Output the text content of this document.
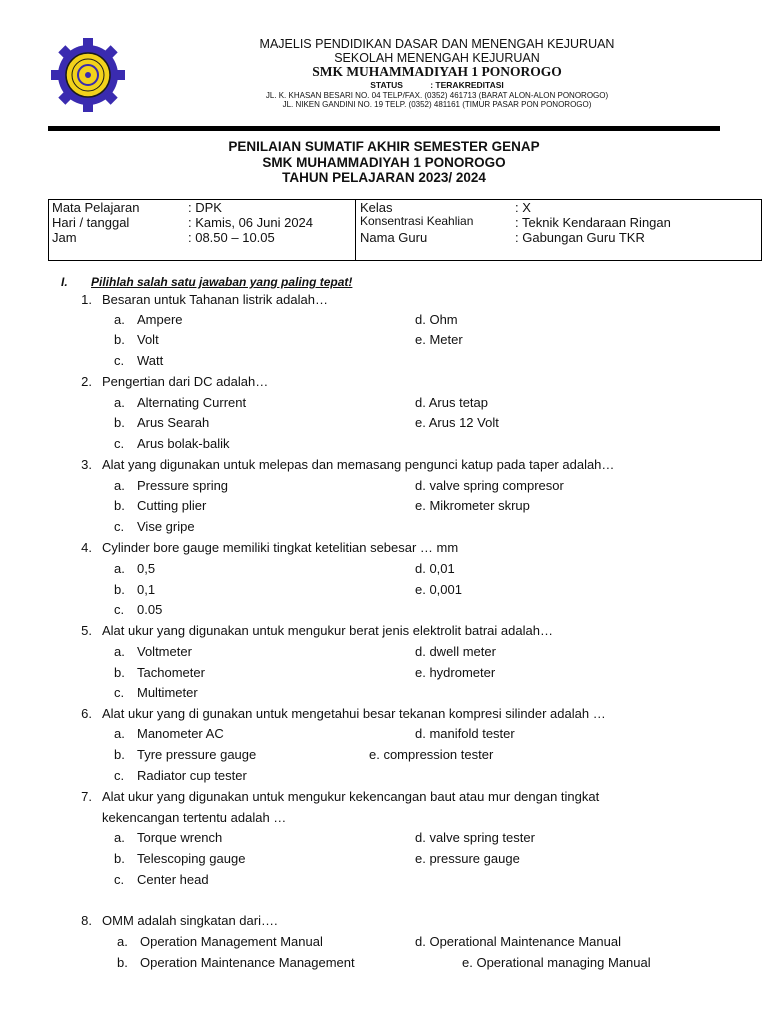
MAJELIS PENDIDIKAN DASAR DAN MENENGAH KEJURUAN
SEKOLAH MENENGAH KEJURUAN
SMK MUHAMMADIYAH 1 PONOROGO
STATUS	: TERAKREDITASI
JL. K. KHASAN BESARI NO. 04 TELP/FAX. (0352) 461713 (BARAT ALON-ALON PONOROGO)
JL. NIKEN GANDINI NO. 19 TELP. (0352) 481161 (TIMUR PASAR PON PONOROGO)
PENILAIAN SUMATIF AKHIR SEMESTER GENAP
SMK MUHAMMADIYAH 1 PONOROGO
TAHUN PELAJARAN 2023/ 2024
Mata Pelajaran	: DPK
Hari / tanggal	: Kamis, 06 Juni 2024
Jam	: 08.50 – 10.05
Kelas	: X
Konsentrasi Keahlian	: Teknik Kendaraan Ringan
Nama Guru	: Gabungan Guru TKR
I. Pilihlah salah satu jawaban yang paling tepat!
1. Besaran untuk Tahanan listrik adalah…
a. Ampere
b. Volt
c. Watt
d. Ohm
e. Meter
2. Pengertian dari DC adalah…
a. Alternating Current
b. Arus Searah
c. Arus bolak-balik
d. Arus tetap
e. Arus 12 Volt
3. Alat yang digunakan untuk melepas dan memasang pengunci katup pada taper adalah…
a. Pressure spring
b. Cutting plier
c. Vise gripe
d. valve spring compresor
e. Mikrometer skrup
4. Cylinder bore gauge memiliki tingkat ketelitian sebesar … mm
a. 0,5
b. 0,1
c. 0.05
d. 0,01
e. 0,001
5. Alat ukur yang digunakan untuk mengukur berat jenis elektrolit batrai adalah…
a. Voltmeter
b. Tachometer
c. Multimeter
d. dwell meter
e. hydrometer
6. Alat ukur yang di gunakan untuk mengetahui besar tekanan kompresi silinder adalah …
a. Manometer AC
b. Tyre pressure gauge
c. Radiator cup tester
d. manifold tester
e. compression tester
7. Alat ukur yang digunakan untuk mengukur kekencangan baut atau mur dengan tingkat
kekencangan tertentu adalah …
a. Torque wrench
b. Telescoping gauge
c. Center head
d. valve spring tester
e. pressure gauge
8. OMM adalah singkatan dari….
a. Operation Management Manual
b. Operation Maintenance Management
d. Operational Maintenance Manual
e. Operational managing Manual
